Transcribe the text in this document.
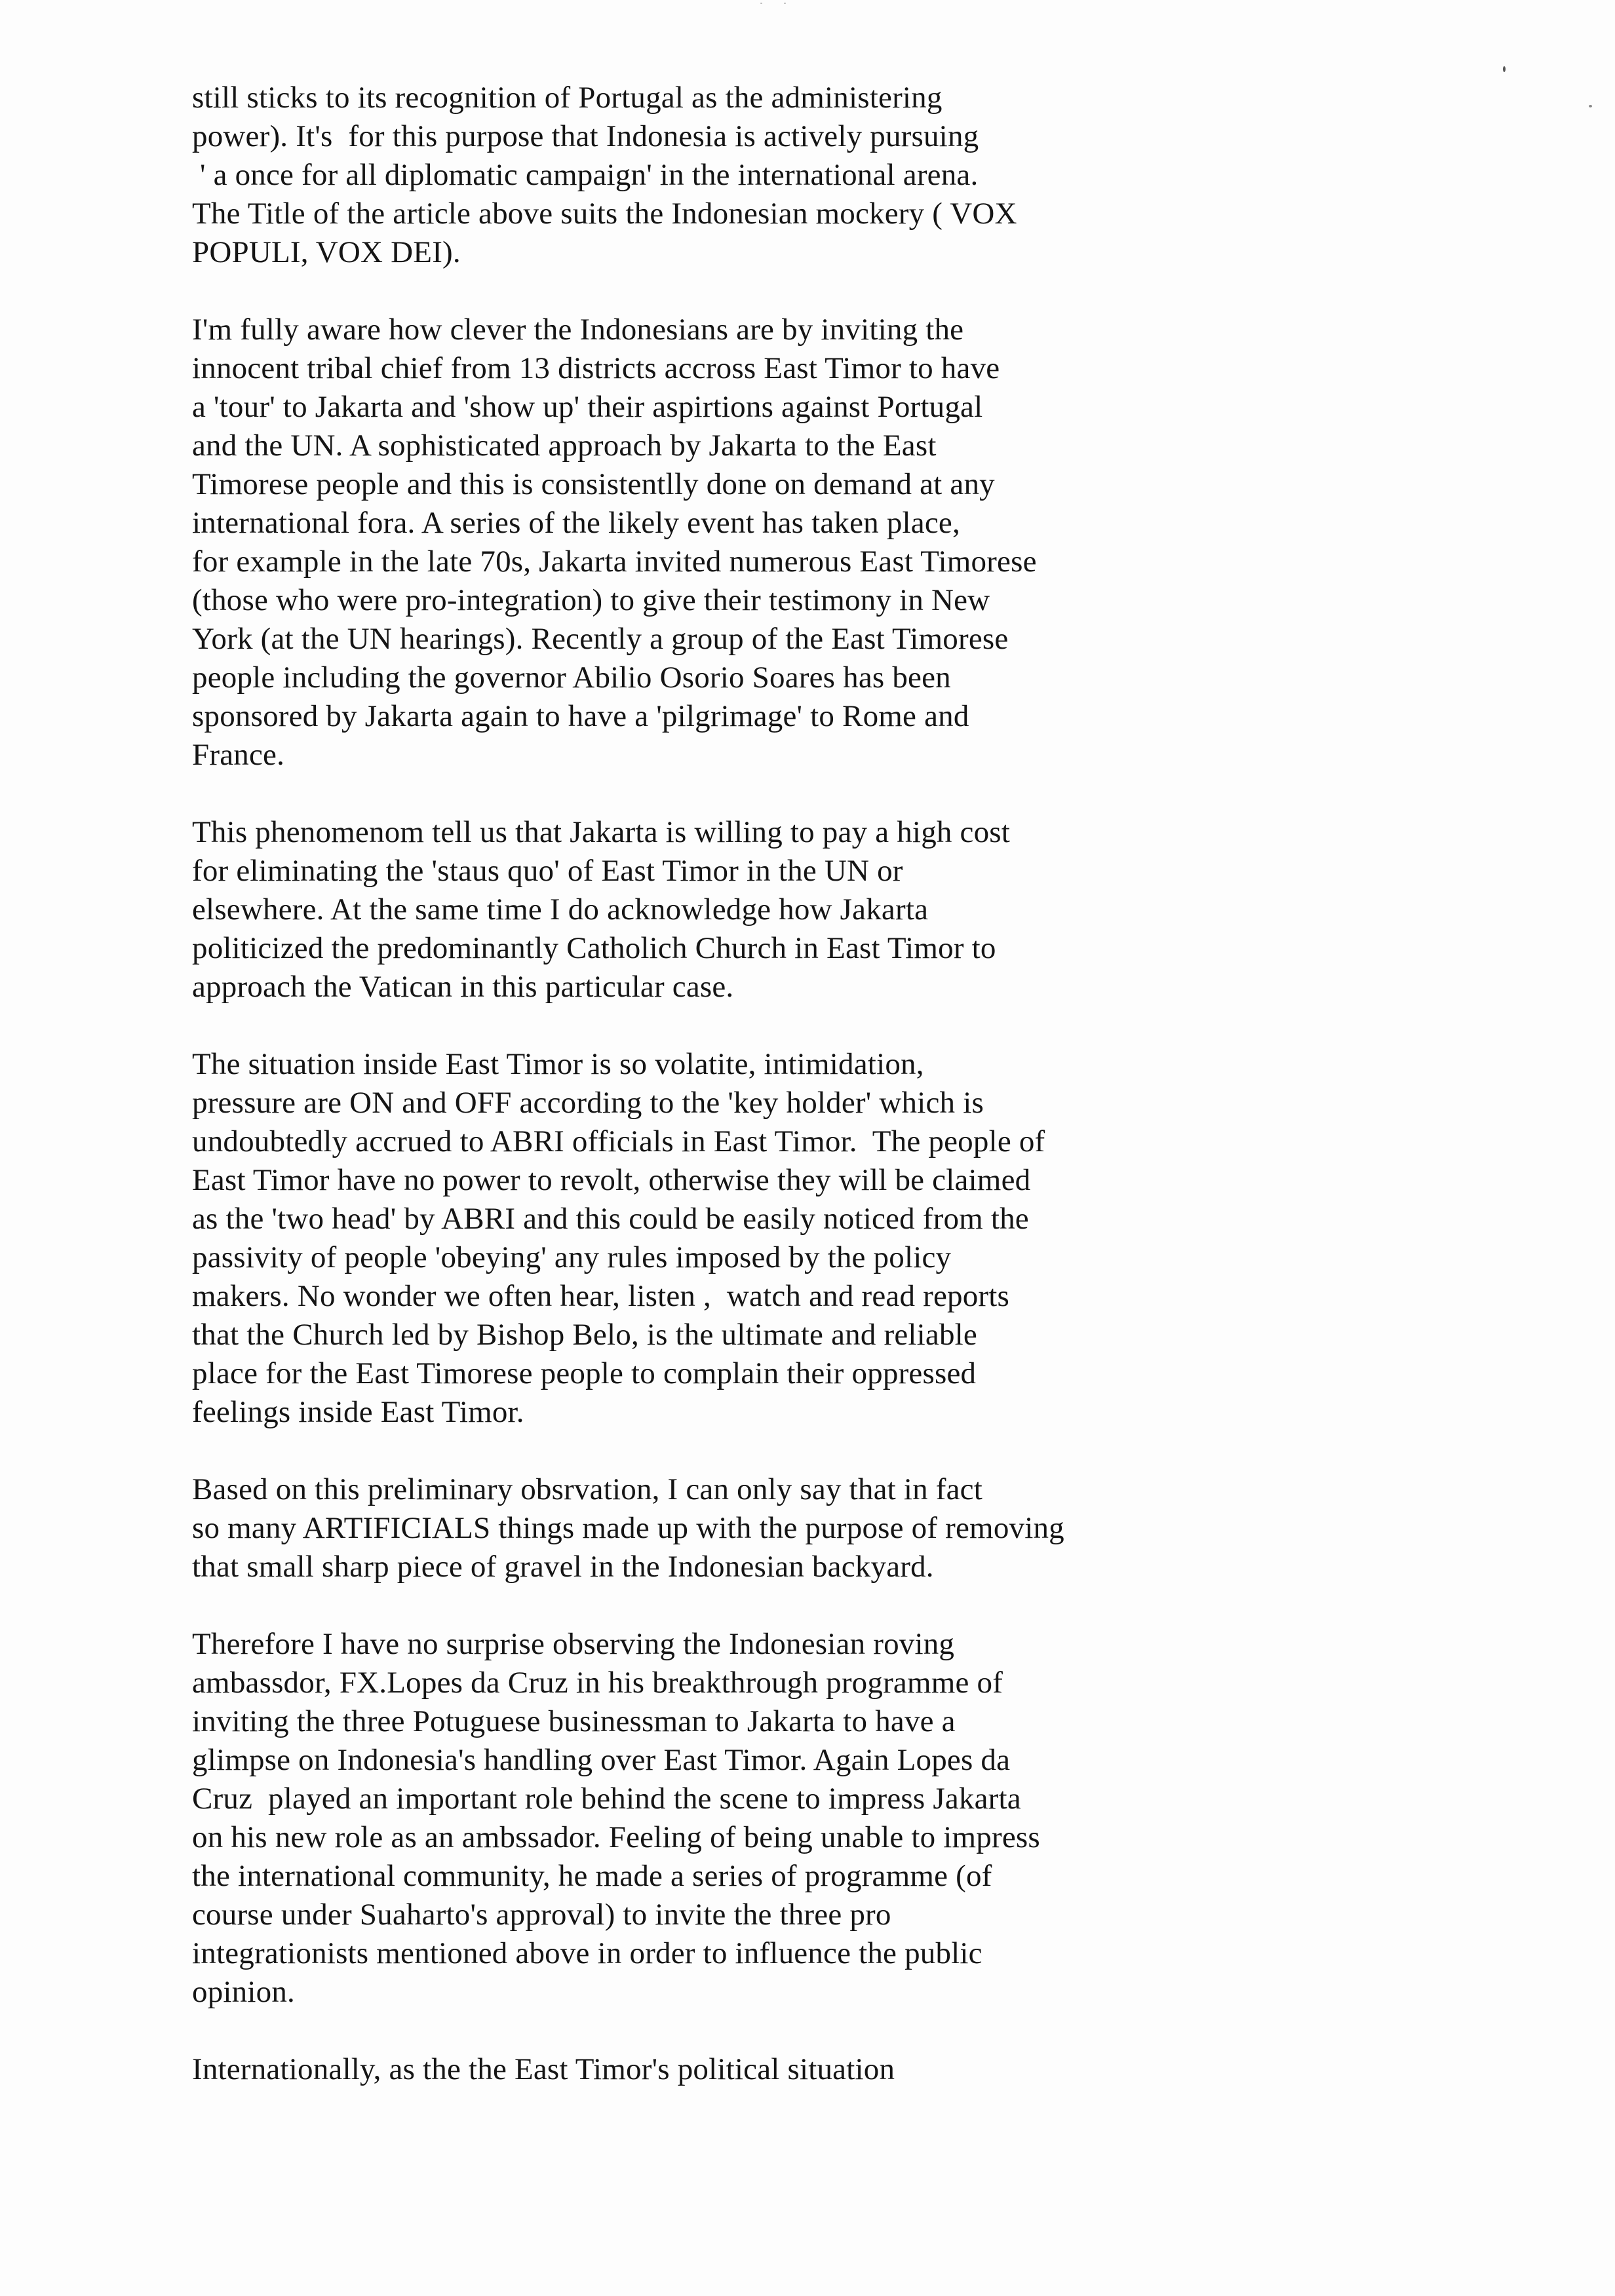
still sticks to its recognition of Portugal as the administering
power). It's  for this purpose that Indonesia is actively pursuing
' a once for all diplomatic campaign' in the international arena.
The Title of the article above suits the Indonesian mockery ( VOX
POPULI, VOX DEI).
I'm fully aware how clever the Indonesians are by inviting the
innocent tribal chief from 13 districts accross East Timor to have
a 'tour' to Jakarta and 'show up' their aspirtions against Portugal
and the UN. A sophisticated approach by Jakarta to the East
Timorese people and this is consistentlly done on demand at any
international fora. A series of the likely event has taken place,
for example in the late 70s, Jakarta invited numerous East Timorese
(those who were pro-integration) to give their testimony in New
York (at the UN hearings). Recently a group of the East Timorese
people including the governor Abilio Osorio Soares has been
sponsored by Jakarta again to have a 'pilgrimage' to Rome and
France.
This phenomenom tell us that Jakarta is willing to pay a high cost
for eliminating the 'staus quo' of East Timor in the UN or
elsewhere. At the same time I do acknowledge how Jakarta
politicized the predominantly Catholich Church in East Timor to
approach the Vatican in this particular case.
The situation inside East Timor is so volatite, intimidation,
pressure are ON and OFF according to the 'key holder' which is
undoubtedly accrued to ABRI officials in East Timor.  The people of
East Timor have no power to revolt, otherwise they will be claimed
as the 'two head' by ABRI and this could be easily noticed from the
passivity of people 'obeying' any rules imposed by the policy
makers. No wonder we often hear, listen ,  watch and read reports
that the Church led by Bishop Belo, is the ultimate and reliable
place for the East Timorese people to complain their oppressed
feelings inside East Timor.
Based on this preliminary obsrvation, I can only say that in fact
so many ARTIFICIALS things made up with the purpose of removing
that small sharp piece of gravel in the Indonesian backyard.
Therefore I have no surprise observing the Indonesian roving
ambassdor, FX.Lopes da Cruz in his breakthrough programme of
inviting the three Potuguese businessman to Jakarta to have a
glimpse on Indonesia's handling over East Timor. Again Lopes da
Cruz  played an important role behind the scene to impress Jakarta
on his new role as an ambssador. Feeling of being unable to impress
the international community, he made a series of programme (of
course under Suaharto's approval) to invite the three pro
integrationists mentioned above in order to influence the public
opinion.
Internationally, as the the East Timor's political situation
